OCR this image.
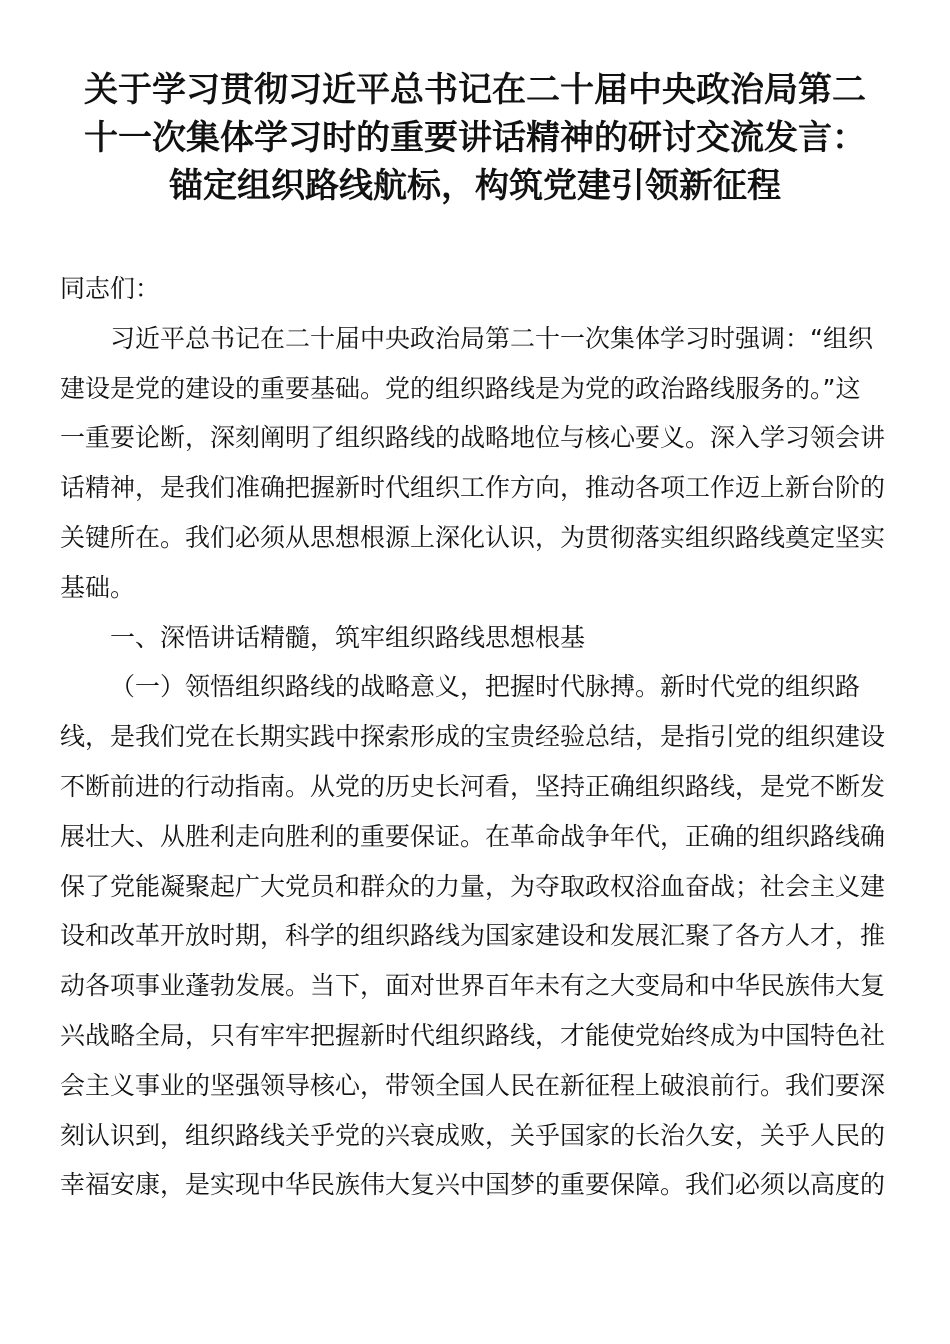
关于学习贯彻习近平总书记在二十届中央政治局第二
十一次集体学习时的重要讲话精神的研讨交流发言：
锚定组织路线航标，构筑党建引领新征程
同志们：
习近平总书记在二十届中央政治局第二十一次集体学习时强调：“组织
建设是党的建设的重要基础。党的组织路线是为党的政治路线服务的。”这
一重要论断，深刻阐明了组织路线的战略地位与核心要义。深入学习领会讲
话精神，是我们准确把握新时代组织工作方向，推动各项工作迈上新台阶的
关键所在。我们必须从思想根源上深化认识，为贯彻落实组织路线奠定坚实
基础。
一、深悟讲话精髓，筑牢组织路线思想根基
（一）领悟组织路线的战略意义，把握时代脉搏。新时代党的组织路
线，是我们党在长期实践中探索形成的宝贵经验总结，是指引党的组织建设
不断前进的行动指南。从党的历史长河看，坚持正确组织路线，是党不断发
展壮大、从胜利走向胜利的重要保证。在革命战争年代，正确的组织路线确
保了党能凝聚起广大党员和群众的力量，为夺取政权浴血奋战；社会主义建
设和改革开放时期，科学的组织路线为国家建设和发展汇聚了各方人才，推
动各项事业蓬勃发展。当下，面对世界百年未有之大变局和中华民族伟大复
兴战略全局，只有牢牢把握新时代组织路线，才能使党始终成为中国特色社
会主义事业的坚强领导核心，带领全国人民在新征程上破浪前行。我们要深
刻认识到，组织路线关乎党的兴衰成败，关乎国家的长治久安，关乎人民的
幸福安康，是实现中华民族伟大复兴中国梦的重要保障。我们必须以高度的
